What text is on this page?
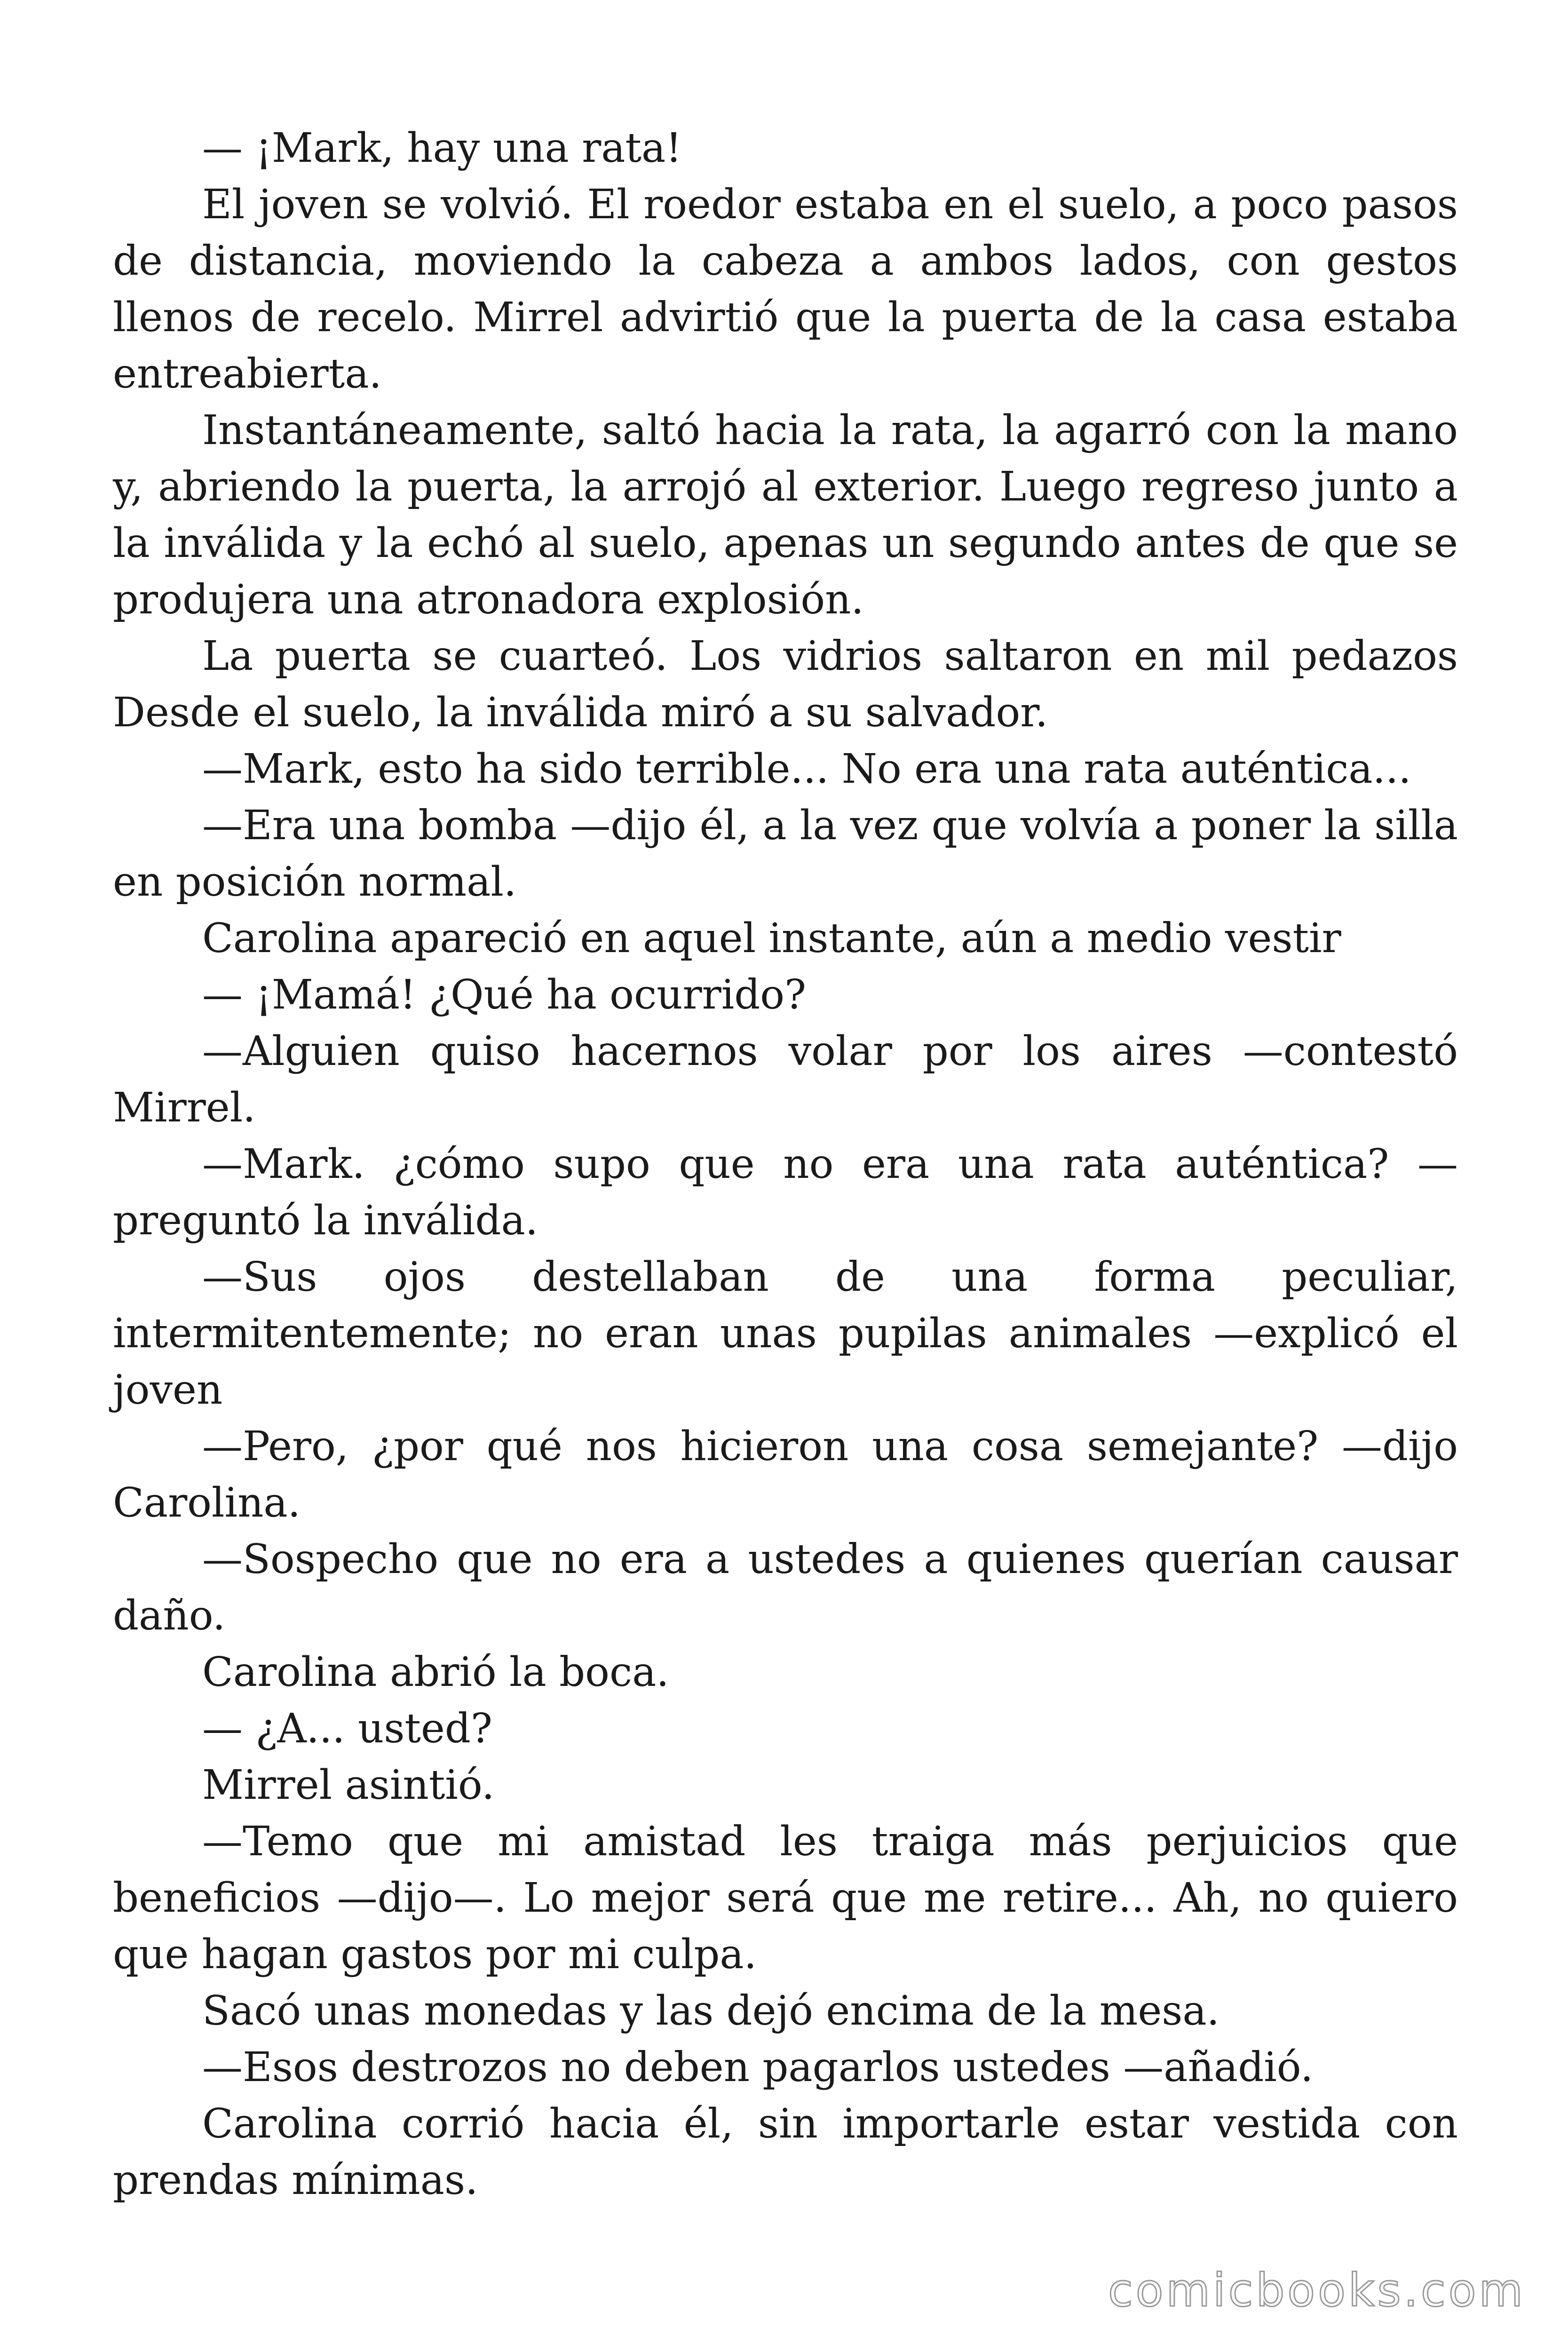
— ¡Mark, hay una rata!

El joven se volvió. El roedor estaba en el suelo, a poco pasos de distancia, moviendo la cabeza a ambos lados, con gestos llenos de recelo. Mirrel advirtió que la puerta de la casa estaba entreabierta.

Instantáneamente, saltó hacia la rata, la agarró con la mano y, abriendo la puerta, la arrojó al exterior. Luego regreso junto a la inválida y la echó al suelo, apenas un segundo antes de que se produjera una atronadora explosión.

La puerta se cuarteó. Los vidrios saltaron en mil pedazos Desde el suelo, la inválida miró a su salvador.

—Mark, esto ha sido terrible... No era una rata auténtica...

—Era una bomba —dijo él, a la vez que volvía a poner la silla en posición normal.

Carolina apareció en aquel instante, aún a medio vestir

— ¡Mamá! ¿Qué ha ocurrido?

—Alguien quiso hacernos volar por los aires —contestó Mirrel.

—Mark. ¿cómo supo que no era una rata auténtica? —preguntó la inválida.

—Sus ojos destellaban de una forma peculiar, intermitentemente; no eran unas pupilas animales —explicó el joven

—Pero, ¿por qué nos hicieron una cosa semejante? —dijo Carolina.

—Sospecho que no era a ustedes a quienes querían causar daño.

Carolina abrió la boca.

— ¿A... usted?

Mirrel asintió.

—Temo que mi amistad les traiga más perjuicios que beneficios —dijo—. Lo mejor será que me retire... Ah, no quiero que hagan gastos por mi culpa.

Sacó unas monedas y las dejó encima de la mesa.

—Esos destrozos no deben pagarlos ustedes —añadió.

Carolina corrió hacia él, sin importarle estar vestida con prendas mínimas.

comicbooks.com
